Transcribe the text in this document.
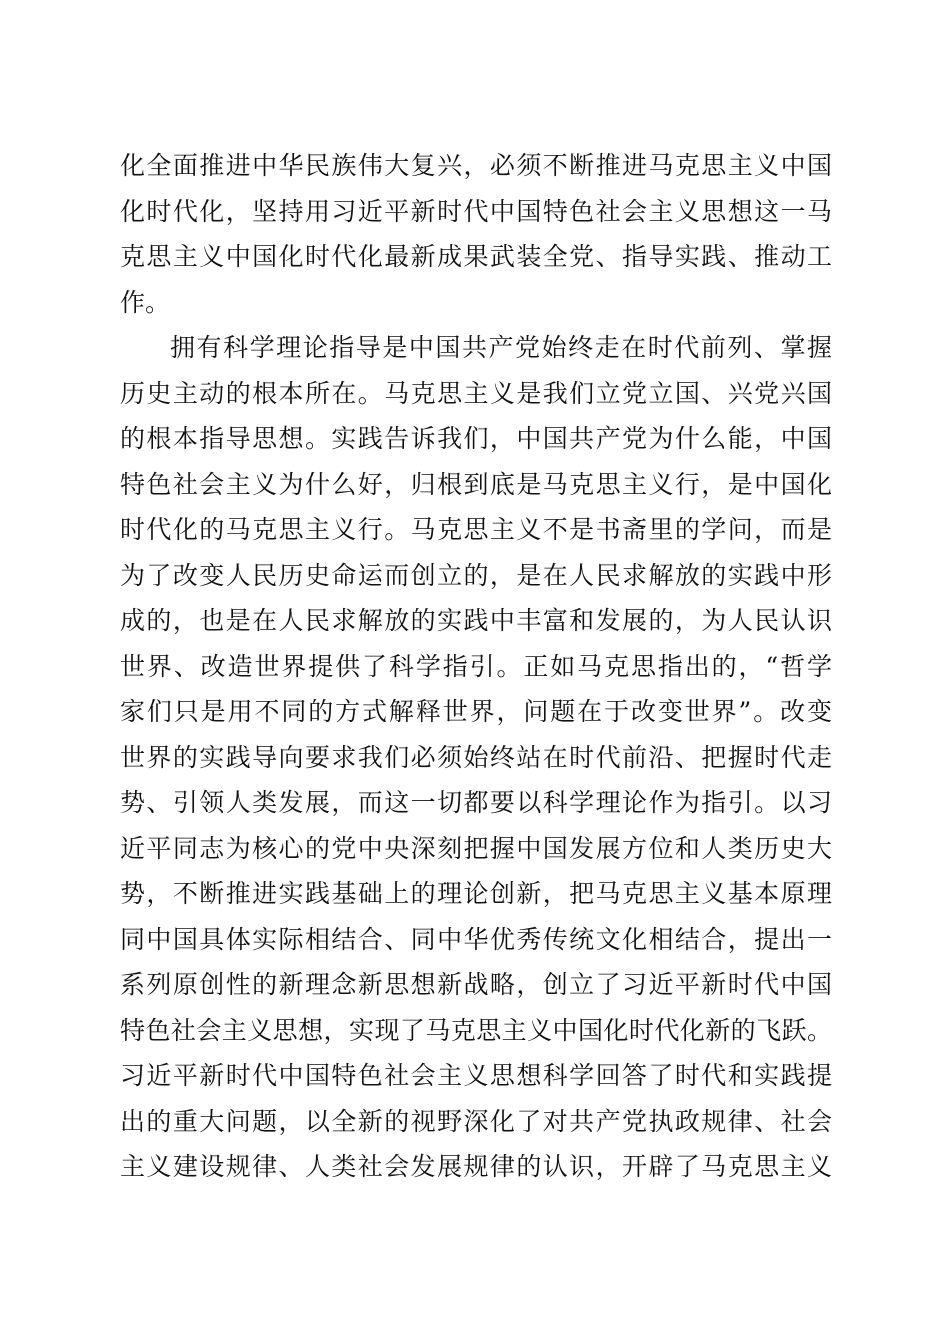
化全面推进中华民族伟大复兴，必须不断推进马克思主义中国
化时代化，坚持用习近平新时代中国特色社会主义思想这一马
克思主义中国化时代化最新成果武装全党、指导实践、推动工
作。
拥有科学理论指导是中国共产党始终走在时代前列、掌握
历史主动的根本所在。马克思主义是我们立党立国、兴党兴国
的根本指导思想。实践告诉我们，中国共产党为什么能，中国
特色社会主义为什么好，归根到底是马克思主义行，是中国化
时代化的马克思主义行。马克思主义不是书斋里的学问，而是
为了改变人民历史命运而创立的，是在人民求解放的实践中形
成的，也是在人民求解放的实践中丰富和发展的，为人民认识
世界、改造世界提供了科学指引。正如马克思指出的，“哲学
家们只是用不同的方式解释世界，问题在于改变世界”。改变
世界的实践导向要求我们必须始终站在时代前沿、把握时代走
势、引领人类发展，而这一切都要以科学理论作为指引。以习
近平同志为核心的党中央深刻把握中国发展方位和人类历史大
势，不断推进实践基础上的理论创新，把马克思主义基本原理
同中国具体实际相结合、同中华优秀传统文化相结合，提出一
系列原创性的新理念新思想新战略，创立了习近平新时代中国
特色社会主义思想，实现了马克思主义中国化时代化新的飞跃。
习近平新时代中国特色社会主义思想科学回答了时代和实践提
出的重大问题，以全新的视野深化了对共产党执政规律、社会
主义建设规律、人类社会发展规律的认识，开辟了马克思主义
